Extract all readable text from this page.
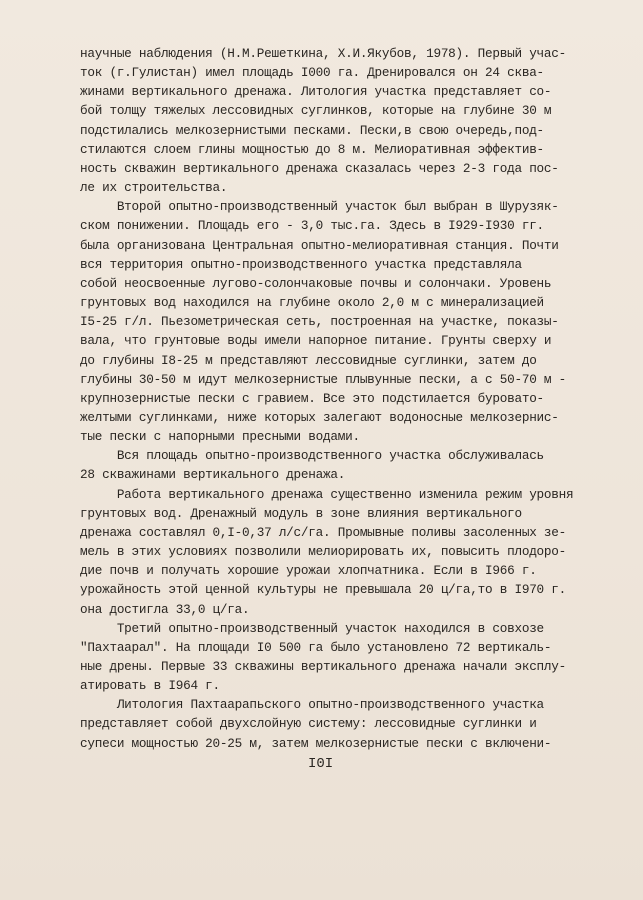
научные наблюдения (Н.М.Решеткина, Х.И.Якубов, 1978). Первый учас-
ток (г.Гулистан) имел площадь I000 га. Дренировался он 24 сква-
жинами вертикального дренажа. Литология участка представляет со-
бой толщу тяжелых лессовидных суглинков, которые на глубине 30 м
подстилались мелкозернистыми песками. Пески,в свою очередь,под-
стилаются слоем глины мощностью до 8 м. Мелиоративная эффектив-
ность скважин вертикального дренажа сказалась через 2-3 года пос-
ле их строительства.
Второй опытно-производственный участок был выбран в Шурузяк-
ском понижении. Площадь его - 3,0 тыс.га. Здесь в I929-I930 гг.
была организована Центральная опытно-мелиоративная станция. Почти
вся территория опытно-производственного участка представляла
собой неосвоенные лугово-солончаковые почвы и солончаки. Уровень
грунтовых вод находился на глубине около 2,0 м с минерализацией
I5-25 г/л. Пьезометрическая сеть, построенная на участке, показы-
вала, что грунтовые воды имели напорное питание. Грунты сверху и
до глубины I8-25 м представляют лессовидные суглинки, затем до
глубины 30-50 м идут мелкозернистые плывунные пески, а с 50-70 м -
крупнозернистые пески с гравием. Все это подстилается буровато-
желтыми суглинками, ниже которых залегают водоносные мелкозернис-
тые пески с напорными пресными водами.
Вся площадь опытно-производственного участка обслуживалась
28 скважинами вертикального дренажа.
Работа вертикального дренажа существенно изменила режим уровня
грунтовых вод. Дренажный модуль в зоне влияния вертикального
дренажа составлял 0,I-0,37 л/с/га. Промывные поливы засоленных зе-
мель в этих условиях позволили мелиорировать их, повысить плодоро-
дие почв и получать хорошие урожаи хлопчатника. Если в I966 г.
урожайность этой ценной культуры не превышала 20 ц/га,то в I970 г.
она достигла 33,0 ц/га.
Третий опытно-производственный участок находился в совхозе
"Пахтаарал". На площади I0 500 га было установлено 72 вертикаль-
ные дрены. Первые 33 скважины вертикального дренажа начали эксплу-
атировать в I964 г.
Литология Пахтаарапьского опытно-производственного участка
представляет собой двухслойную систему: лессовидные суглинки и
супеси мощностью 20-25 м, затем мелкозернистые пески с включени-
I0I
